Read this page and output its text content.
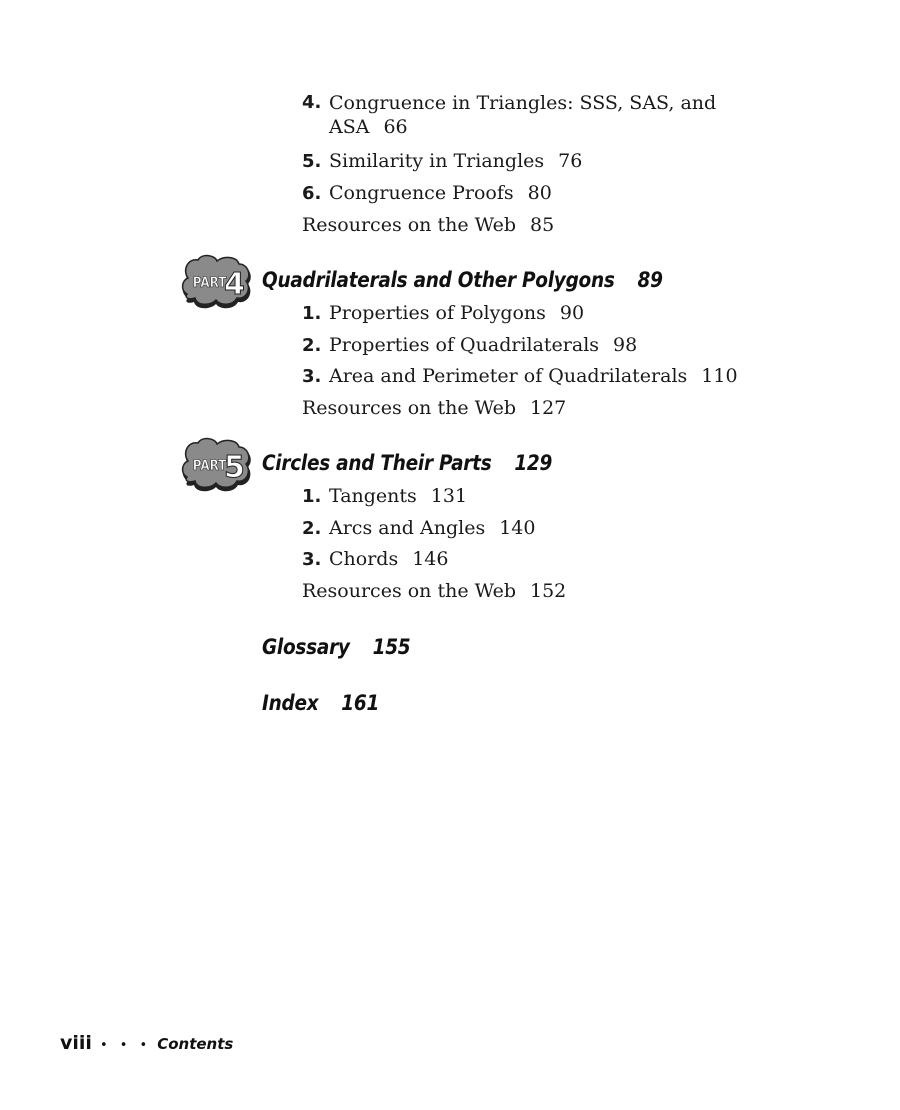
4. Congruence in Triangles: SSS, SAS, and ASA 66
5. Similarity in Triangles 76
6. Congruence Proofs 80
Resources on the Web 85
PART
4 Quadrilaterals and Other Polygons 89
1. Properties of Polygons 90
2. Properties of Quadrilaterals 98
3. Area and Perimeter of Quadrilaterals 110
Resources on the Web 127
PART
5 Circles and Their Parts 129
1. Tangents 131
2. Arcs and Angles 140
3. Chords 146
Resources on the Web 152
Glossary 155
Index 161
viii • • • Contents
